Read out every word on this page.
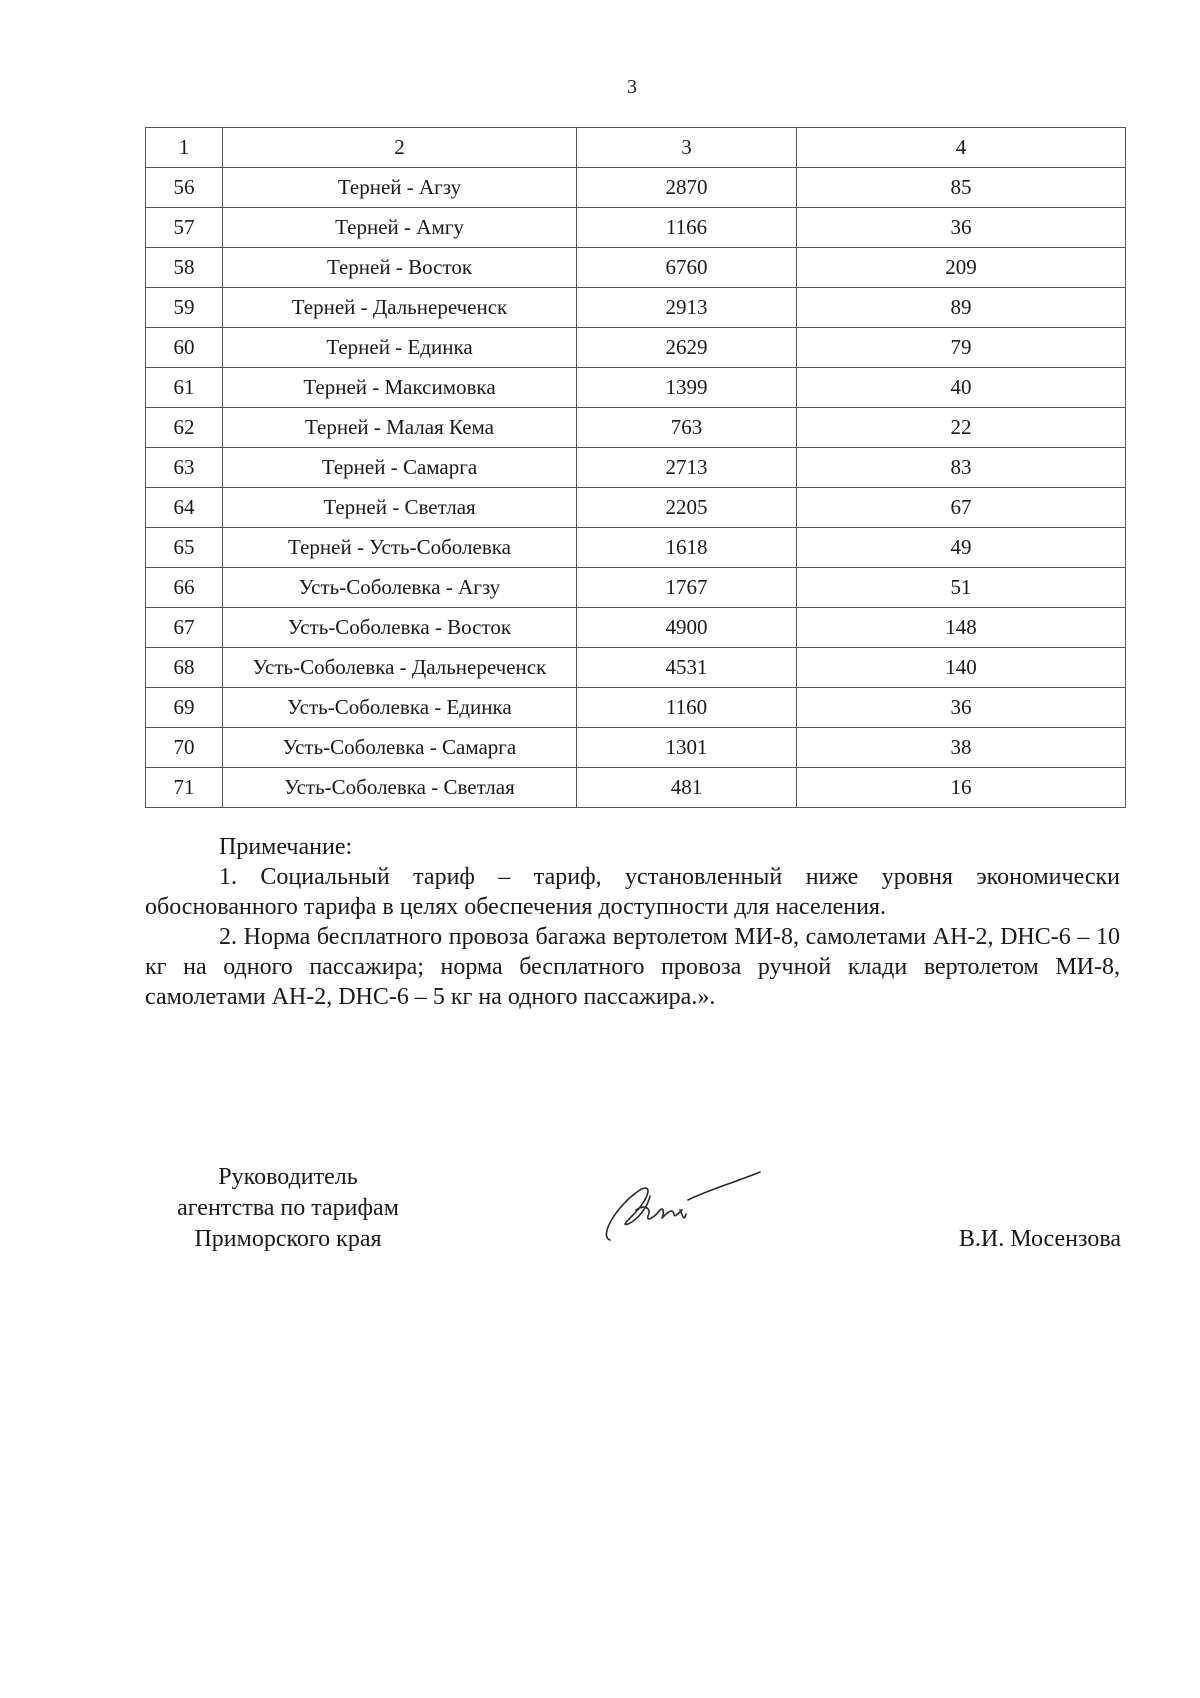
3
1	2	3	4
56	Терней - Агзу	2870	85
57	Терней - Амгу	1166	36
58	Терней - Восток	6760	209
59	Терней - Дальнереченск	2913	89
60	Терней - Единка	2629	79
61	Терней - Максимовка	1399	40
62	Терней - Малая Кема	763	22
63	Терней - Самарга	2713	83
64	Терней - Светлая	2205	67
65	Терней - Усть-Соболевка	1618	49
66	Усть-Соболевка - Агзу	1767	51
67	Усть-Соболевка - Восток	4900	148
68	Усть-Соболевка - Дальнереченск	4531	140
69	Усть-Соболевка - Единка	1160	36
70	Усть-Соболевка - Самарга	1301	38
71	Усть-Соболевка - Светлая	481	16
Примечание:
1. Социальный тариф – тариф, установленный ниже уровня экономически обоснованного тарифа в целях обеспечения доступности для населения.
2. Норма бесплатного провоза багажа вертолетом МИ-8, самолетами АН-2, DHC-6 – 10 кг на одного пассажира; норма бесплатного провоза ручной клади вертолетом МИ-8, самолетами АН-2, DHC-6 – 5 кг на одного пассажира.».
Руководитель
агентства по тарифам
Приморского края	В.И. Мосензова
